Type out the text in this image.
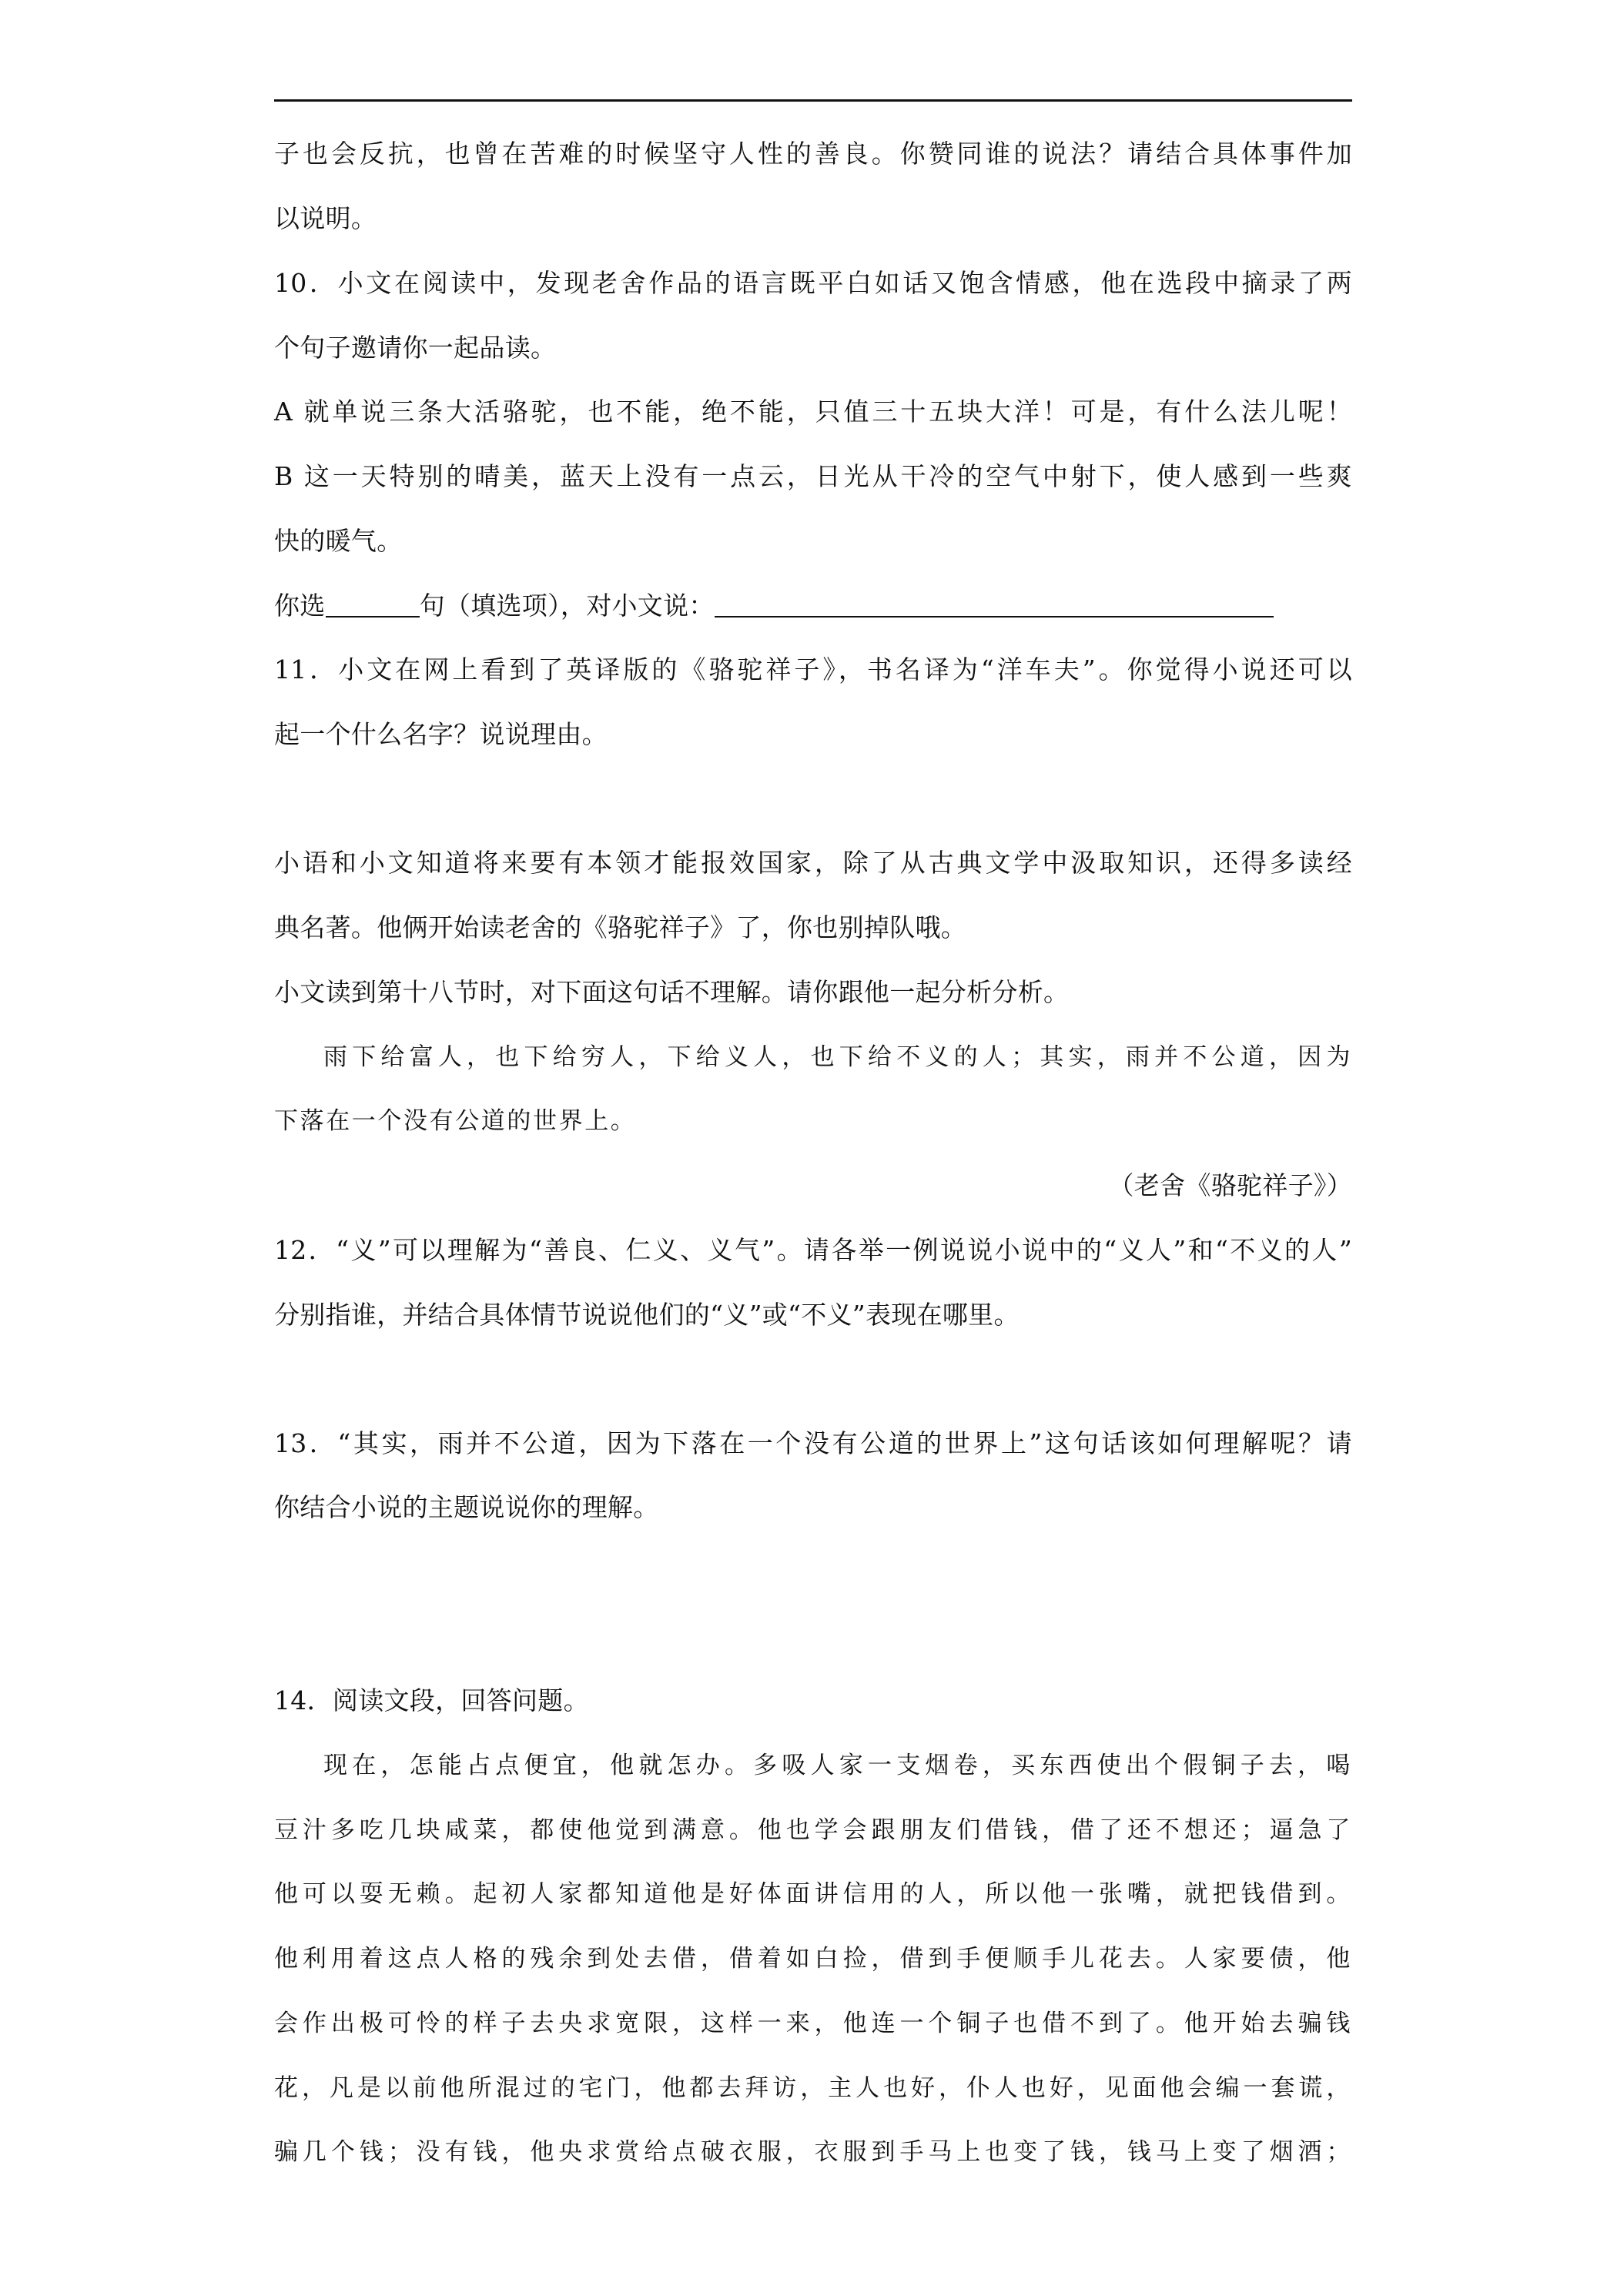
子也会反抗，也曾在苦难的时候坚守人性的善良。你赞同谁的说法？请结合具体事件加
以说明。
10．小文在阅读中，发现老舍作品的语言既平白如话又饱含情感，他在选段中摘录了两
个句子邀请你一起品读。
A 就单说三条大活骆驼，也不能，绝不能，只值三十五块大洋！可是，有什么法儿呢！
B 这一天特别的晴美，蓝天上没有一点云，日光从干冷的空气中射下，使人感到一些爽
快的暖气。
你选	句（填选项），对小文说：
11．小文在网上看到了英译版的《骆驼祥子》，书名译为“洋车夫”。你觉得小说还可以
起一个什么名字？说说理由。
小语和小文知道将来要有本领才能报效国家，除了从古典文学中汲取知识，还得多读经
典名著。他俩开始读老舍的《骆驼祥子》了，你也别掉队哦。
小文读到第十八节时，对下面这句话不理解。请你跟他一起分析分析。
雨下给富人，也下给穷人，下给义人，也下给不义的人；其实，雨并不公道，因为
下落在一个没有公道的世界上。
（老舍《骆驼祥子》）
12．“义”可以理解为“善良、仁义、义气”。请各举一例说说小说中的“义人”和“不义的人”
分别指谁，并结合具体情节说说他们的“义”或“不义”表现在哪里。
13．“其实，雨并不公道，因为下落在一个没有公道的世界上”这句话该如何理解呢？请
你结合小说的主题说说你的理解。
14．阅读文段，回答问题。
现在，怎能占点便宜，他就怎办。多吸人家一支烟卷，买东西使出个假铜子去，喝
豆汁多吃几块咸菜，都使他觉到满意。他也学会跟朋友们借钱，借了还不想还；逼急了
他可以耍无赖。起初人家都知道他是好体面讲信用的人，所以他一张嘴，就把钱借到。
他利用着这点人格的残余到处去借，借着如白捡，借到手便顺手儿花去。人家要债，他
会作出极可怜的样子去央求宽限，这样一来，他连一个铜子也借不到了。他开始去骗钱
花，凡是以前他所混过的宅门，他都去拜访，主人也好，仆人也好，见面他会编一套谎，
骗几个钱；没有钱，他央求赏给点破衣服，衣服到手马上也变了钱，钱马上变了烟酒；
